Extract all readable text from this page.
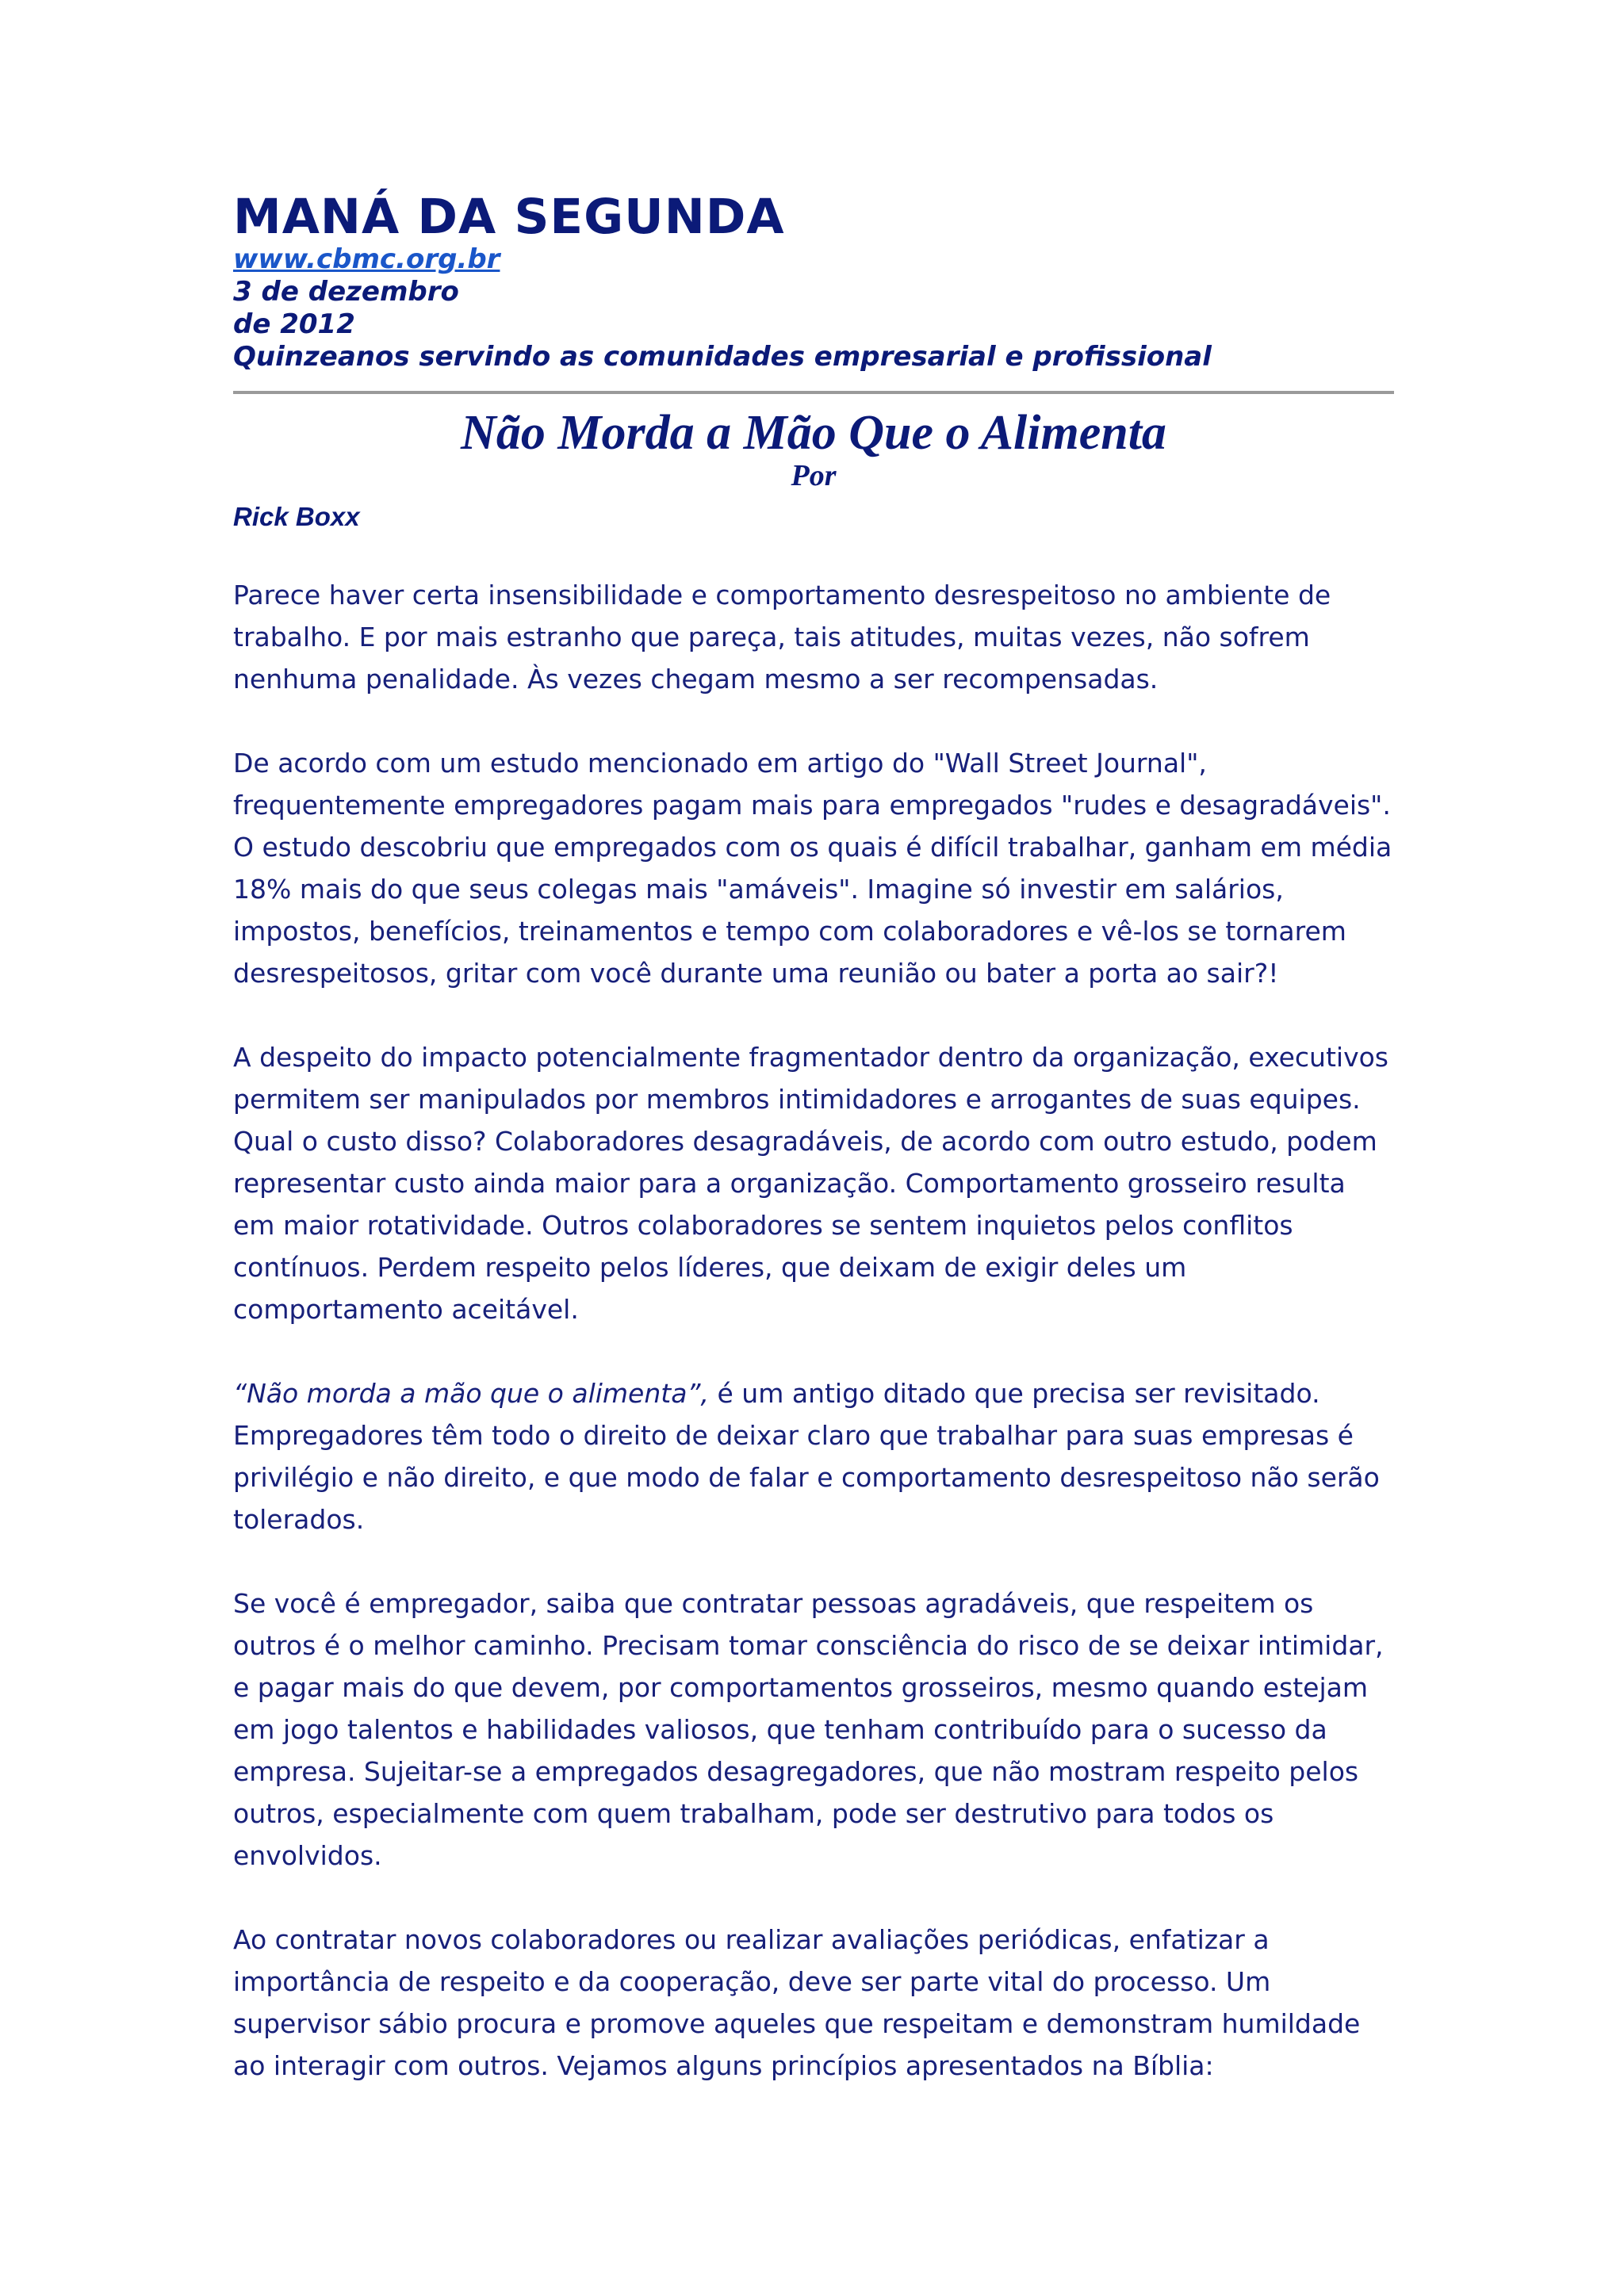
MANÁ DA SEGUNDA

www.cbmc.org.br

3 de dezembro

de 2012

Quinzeanos servindo as comunidades empresarial e profissional

Não Morda a Mão Que o Alimenta

Por

Rick Boxx

Parece haver certa insensibilidade e comportamento desrespeitoso no ambiente de trabalho. E por mais estranho que pareça, tais atitudes, muitas vezes, não sofrem nenhuma penalidade. Às vezes chegam mesmo a ser recompensadas.

De acordo com um estudo mencionado em artigo do "Wall Street Journal", frequentemente empregadores pagam mais para empregados "rudes e desagradáveis". O estudo descobriu que empregados com os quais é difícil trabalhar, ganham em média 18% mais do que seus colegas mais "amáveis". Imagine só investir em salários, impostos, benefícios, treinamentos e tempo com colaboradores e vê-los se tornarem desrespeitosos, gritar com você durante uma reunião ou bater a porta ao sair?!

A despeito do impacto potencialmente fragmentador dentro da organização, executivos permitem ser manipulados por membros intimidadores e arrogantes de suas equipes. Qual o custo disso? Colaboradores desagradáveis, de acordo com outro estudo, podem representar custo ainda maior para a organização. Comportamento grosseiro resulta em maior rotatividade. Outros colaboradores se sentem inquietos pelos conflitos contínuos. Perdem respeito pelos líderes, que deixam de exigir deles um comportamento aceitável.

“Não morda a mão que o alimenta”, é um antigo ditado que precisa ser revisitado. Empregadores têm todo o direito de deixar claro que trabalhar para suas empresas é privilégio e não direito, e que modo de falar e comportamento desrespeitoso não serão tolerados.

Se você é empregador, saiba que contratar pessoas agradáveis, que respeitem os outros é o melhor caminho. Precisam tomar consciência do risco de se deixar intimidar, e pagar mais do que devem, por comportamentos grosseiros, mesmo quando estejam em jogo talentos e habilidades valiosos, que tenham contribuído para o sucesso da empresa. Sujeitar-se a empregados desagregadores, que não mostram respeito pelos outros, especialmente com quem trabalham, pode ser destrutivo para todos os envolvidos.

Ao contratar novos colaboradores ou realizar avaliações periódicas, enfatizar a importância de respeito e da cooperação, deve ser parte vital do processo. Um supervisor sábio procura e promove aqueles que respeitam e demonstram humildade ao interagir com outros. Vejamos alguns princípios apresentados na Bíblia:
